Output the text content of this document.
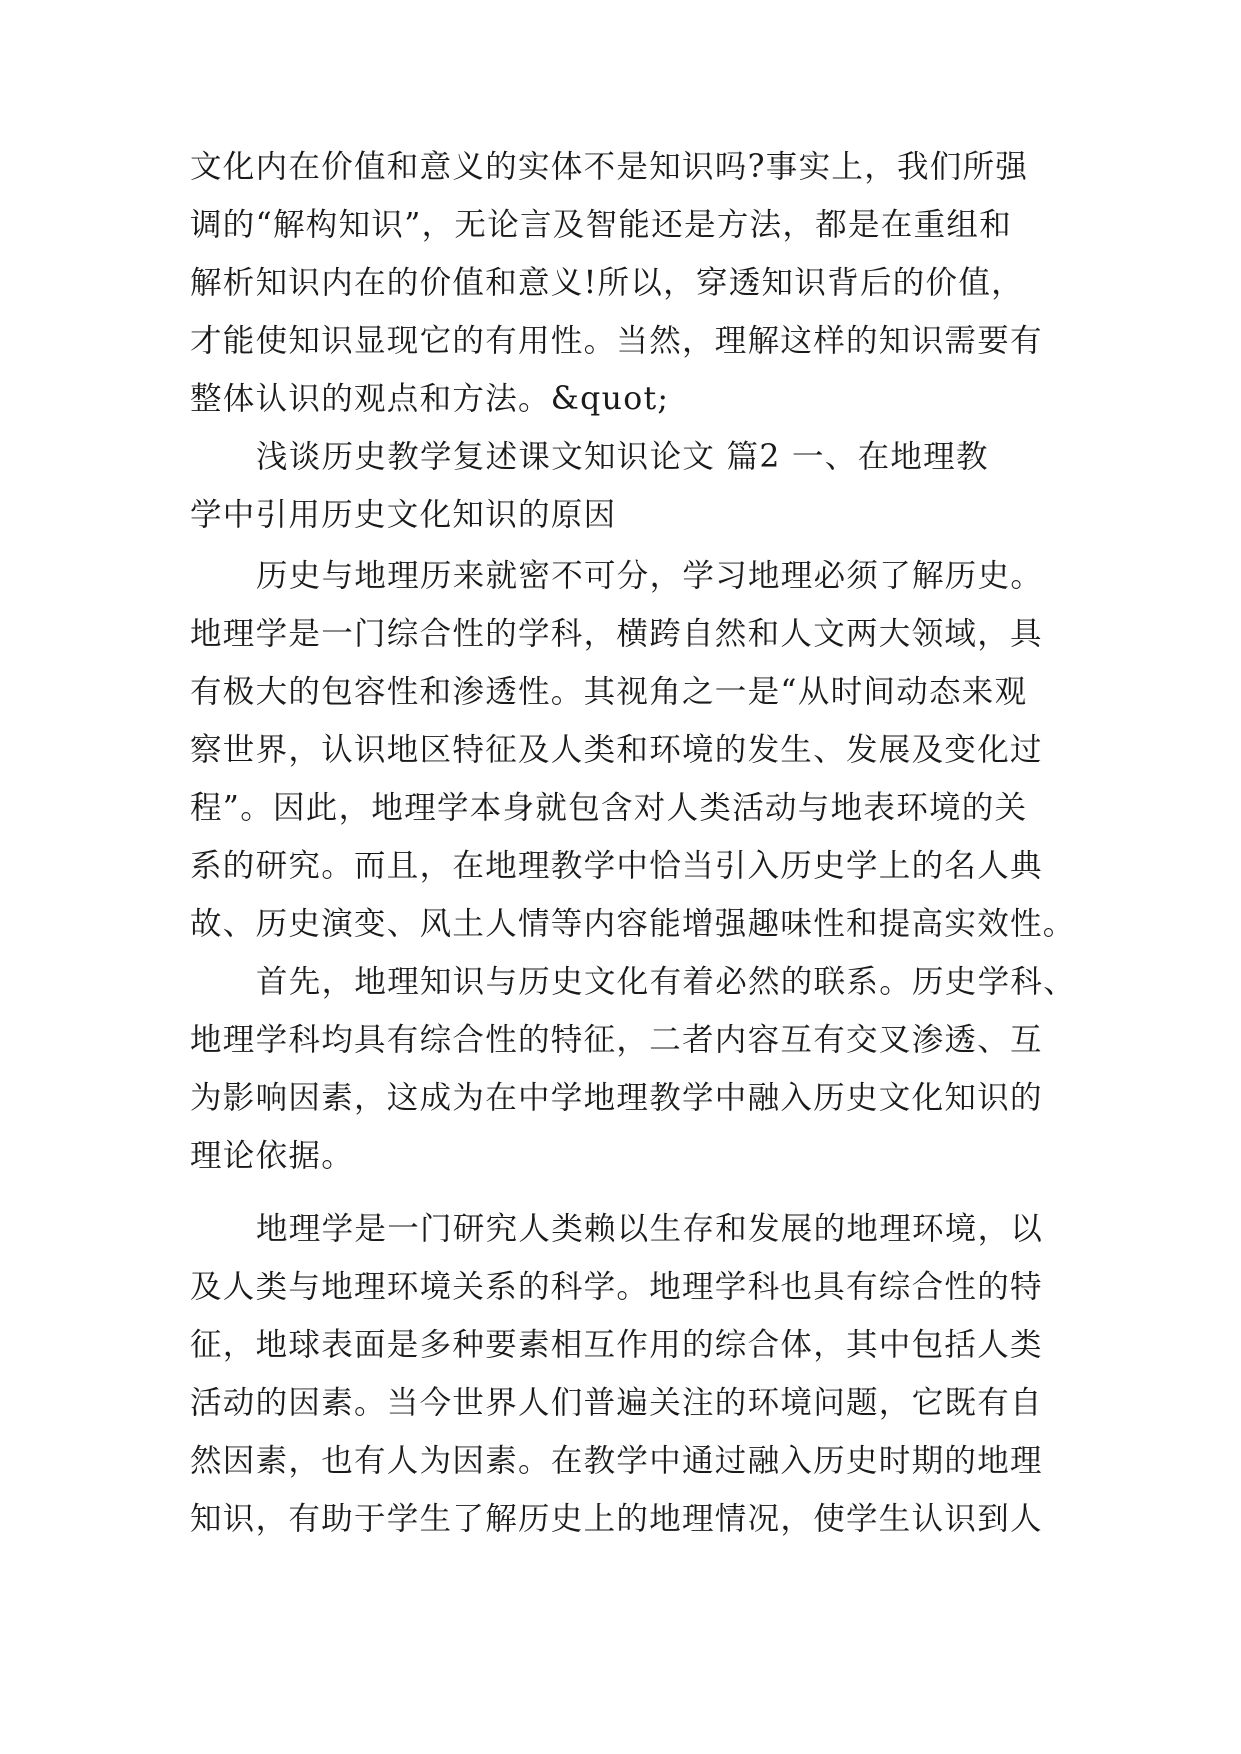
文化内在价值和意义的实体不是知识吗?事实上，我们所强
调的“解构知识”，无论言及智能还是方法，都是在重组和
解析知识内在的价值和意义!所以，穿透知识背后的价值，
才能使知识显现它的有用性。当然，理解这样的知识需要有
整体认识的观点和方法。&quot;
浅谈历史教学复述课文知识论文 篇2 一、在地理教
学中引用历史文化知识的原因
历史与地理历来就密不可分，学习地理必须了解历史。
地理学是一门综合性的学科，横跨自然和人文两大领域，具
有极大的包容性和渗透性。其视角之一是“从时间动态来观
察世界，认识地区特征及人类和环境的发生、发展及变化过
程”。因此，地理学本身就包含对人类活动与地表环境的关
系的研究。而且，在地理教学中恰当引入历史学上的名人典
故、历史演变、风土人情等内容能增强趣味性和提高实效性。
首先，地理知识与历史文化有着必然的联系。历史学科、
地理学科均具有综合性的特征，二者内容互有交叉渗透、互
为影响因素，这成为在中学地理教学中融入历史文化知识的
理论依据。
地理学是一门研究人类赖以生存和发展的地理环境，以
及人类与地理环境关系的科学。地理学科也具有综合性的特
征，地球表面是多种要素相互作用的综合体，其中包括人类
活动的因素。当今世界人们普遍关注的环境问题，它既有自
然因素，也有人为因素。在教学中通过融入历史时期的地理
知识，有助于学生了解历史上的地理情况，使学生认识到人
